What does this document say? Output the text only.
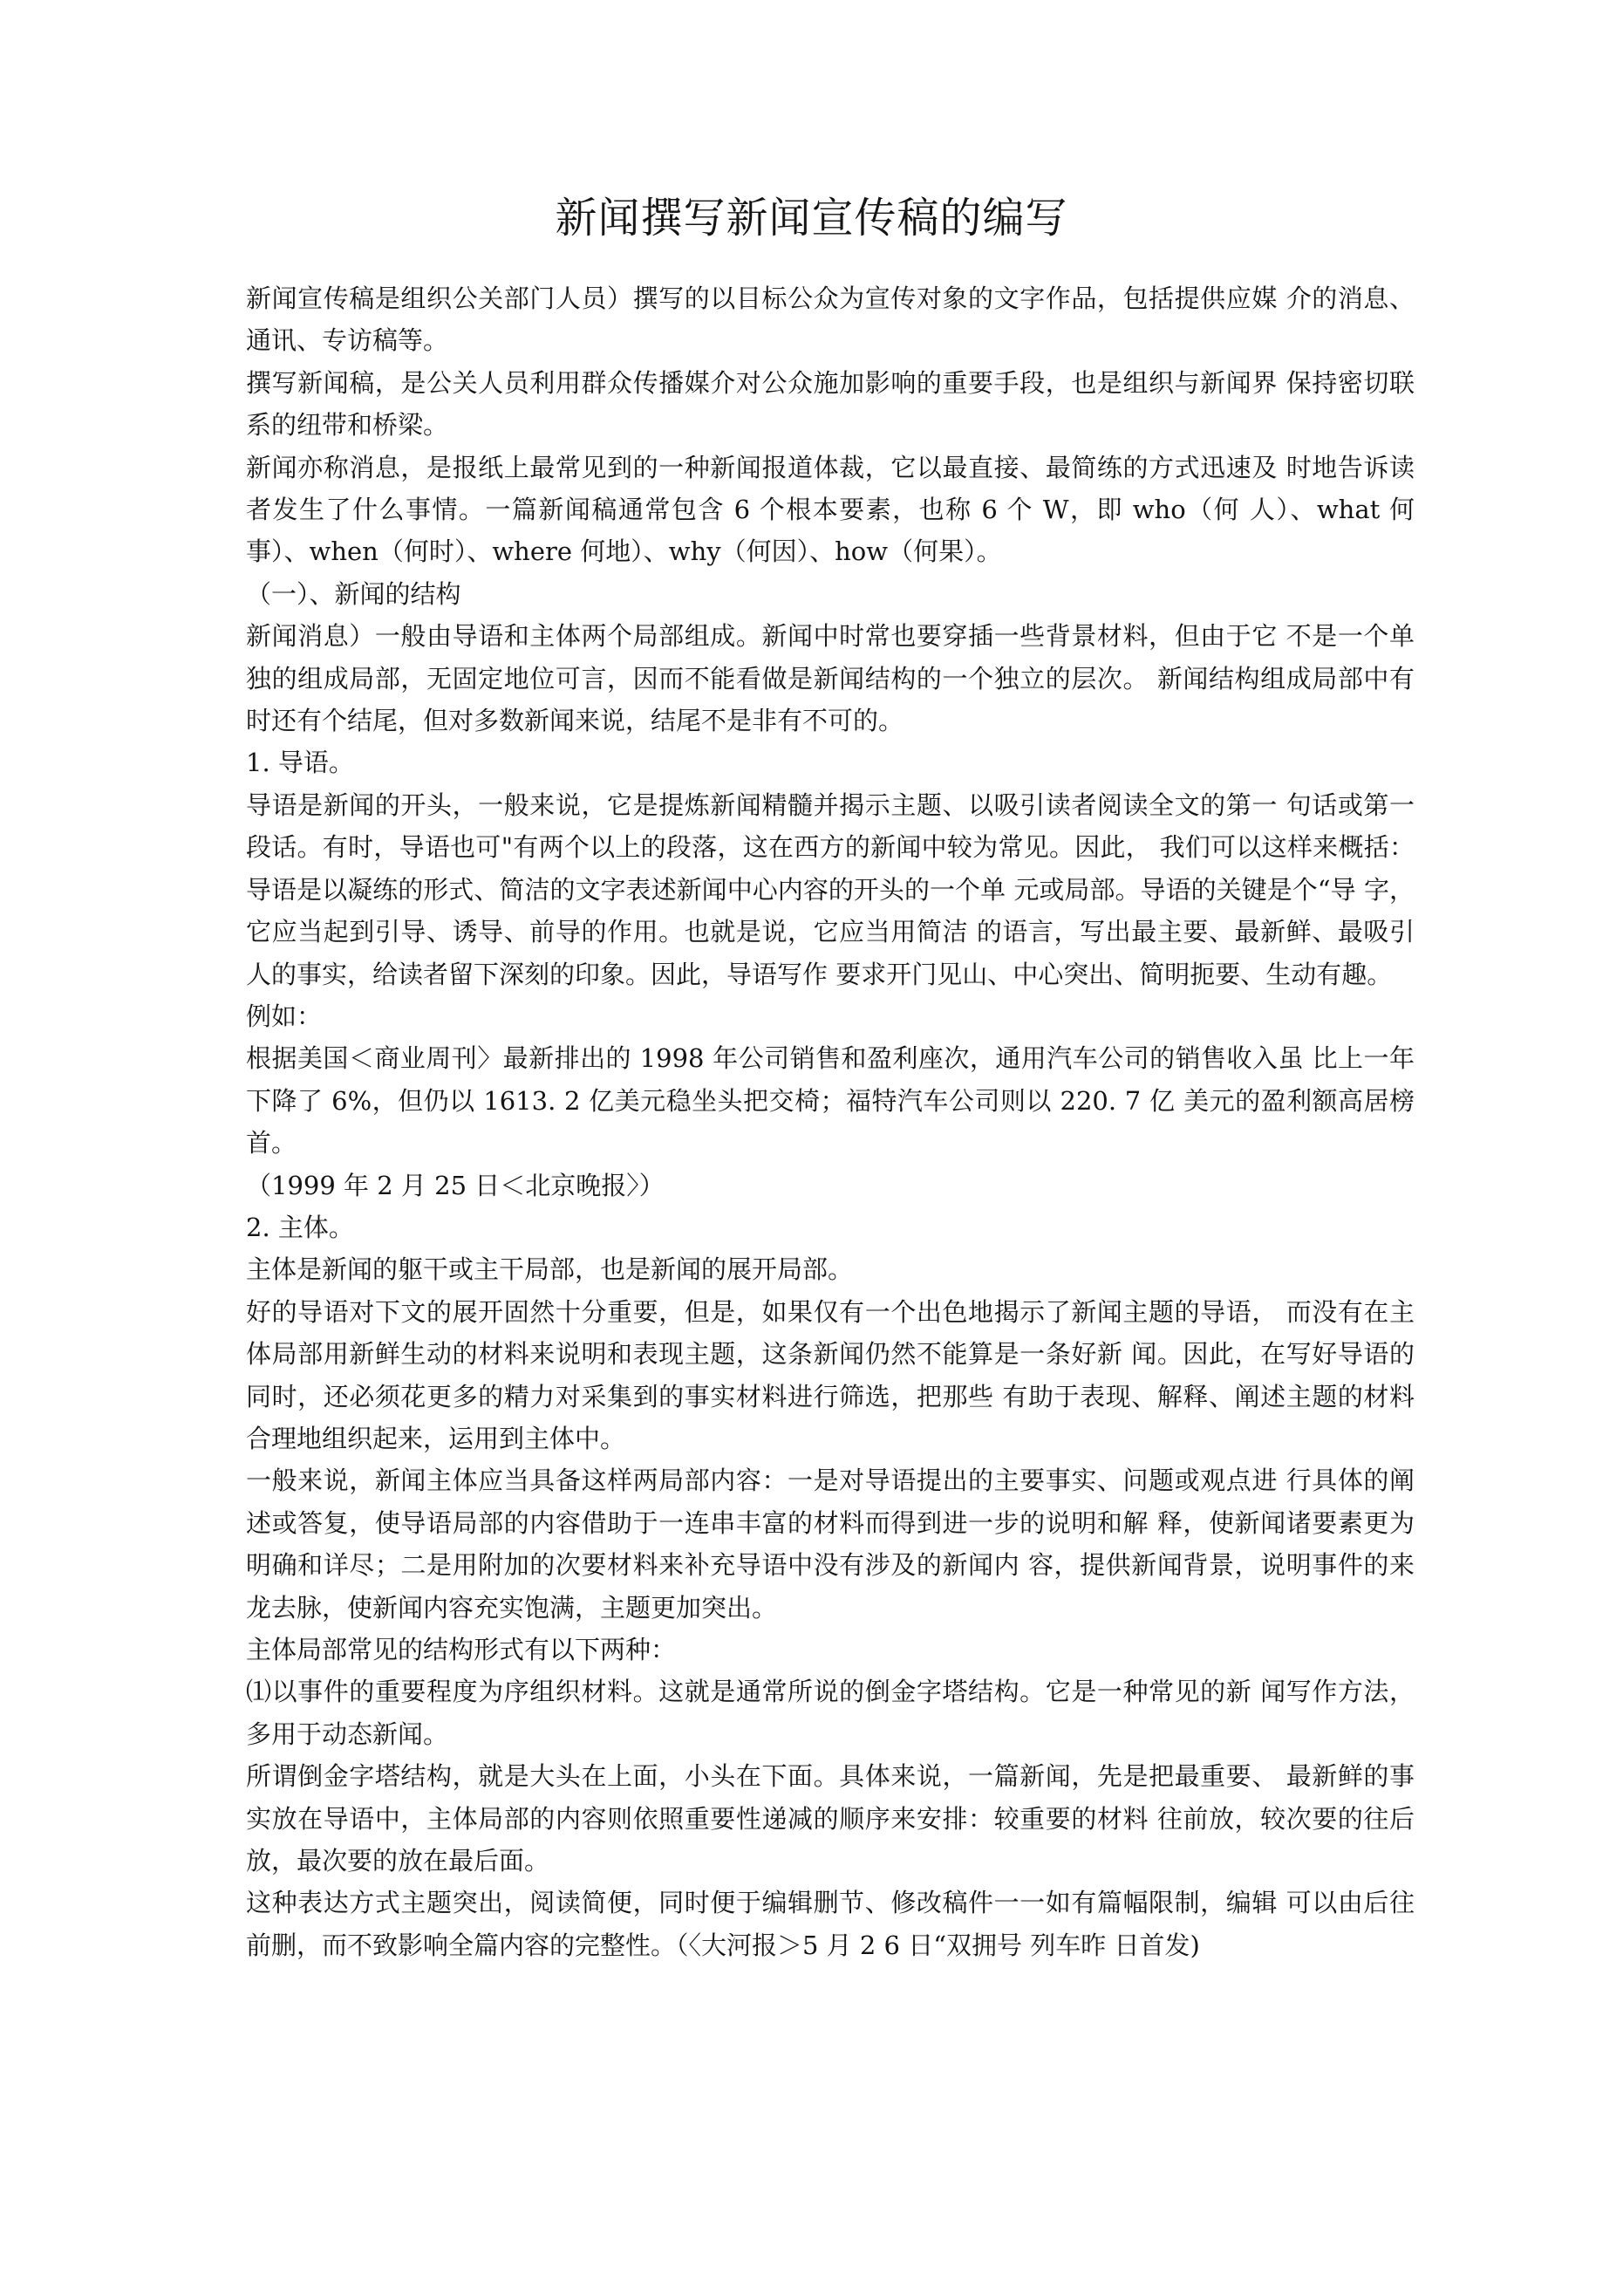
新闻撰写新闻宣传稿的编写

新闻宣传稿是组织公关部门人员）撰写的以目标公众为宣传对象的文字作品，包括提供应媒 介的消息、通讯、专访稿等。

撰写新闻稿，是公关人员利用群众传播媒介对公众施加影响的重要手段，也是组织与新闻界 保持密切联系的纽带和桥梁。

新闻亦称消息，是报纸上最常见到的一种新闻报道体裁，它以最直接、最简练的方式迅速及 时地告诉读者发生了什么事情。一篇新闻稿通常包含 6 个根本要素，也称 6 个 W，即 who（何 人）、what 何事）、when（何时）、where 何地）、why（何因）、how（何果）。

（一）、新闻的结构

新闻消息）一般由导语和主体两个局部组成。新闻中时常也要穿插一些背景材料，但由于它 不是一个单独的组成局部，无固定地位可言，因而不能看做是新闻结构的一个独立的层次。 新闻结构组成局部中有时还有个结尾，但对多数新闻来说，结尾不是非有不可的。

1. 导语。

导语是新闻的开头，一般来说，它是提炼新闻精髓并揭示主题、以吸引读者阅读全文的第一 句话或第一段话。有时，导语也可"有两个以上的段落，这在西方的新闻中较为常见。因此， 我们可以这样来概括：导语是以凝练的形式、简洁的文字表述新闻中心内容的开头的一个单 元或局部。导语的关键是个“导 字，它应当起到引导、诱导、前导的作用。也就是说，它应当用简洁 的语言，写出最主要、最新鲜、最吸引人的事实，给读者留下深刻的印象。因此，导语写作 要求开门见山、中心突出、简明扼要、生动有趣。

例如：

根据美国＜商业周刊〉最新排出的 1998 年公司销售和盈利座次，通用汽车公司的销售收入虽 比上一年下降了 6%，但仍以 1613. 2 亿美元稳坐头把交椅；福特汽车公司则以 220. 7 亿 美元的盈利额高居榜首。

（1999 年 2 月 25 日＜北京晚报〉）

2. 主体。

主体是新闻的躯干或主干局部，也是新闻的展开局部。

好的导语对下文的展开固然十分重要，但是，如果仅有一个出色地揭示了新闻主题的导语， 而没有在主体局部用新鲜生动的材料来说明和表现主题，这条新闻仍然不能算是一条好新 闻。因此，在写好导语的同时，还必须花更多的精力对采集到的事实材料进行筛选，把那些 有助于表现、解释、阐述主题的材料合理地组织起来，运用到主体中。

一般来说，新闻主体应当具备这样两局部内容：一是对导语提出的主要事实、问题或观点进 行具体的阐述或答复，使导语局部的内容借助于一连串丰富的材料而得到进一步的说明和解 释，使新闻诸要素更为明确和详尽；二是用附加的次要材料来补充导语中没有涉及的新闻内 容，提供新闻背景，说明事件的来龙去脉，使新闻内容充实饱满，主题更加突出。

主体局部常见的结构形式有以下两种：

⑴以事件的重要程度为序组织材料。这就是通常所说的倒金字塔结构。它是一种常见的新 闻写作方法，多用于动态新闻。

所谓倒金字塔结构，就是大头在上面，小头在下面。具体来说，一篇新闻，先是把最重要、 最新鲜的事实放在导语中，主体局部的内容则依照重要性递减的顺序来安排：较重要的材料 往前放，较次要的往后放，最次要的放在最后面。

这种表达方式主题突出，阅读简便，同时便于编辑删节、修改稿件一一如有篇幅限制，编辑 可以由后往前删，而不致影响全篇内容的完整性。（〈大河报＞5 月 2 6 日“双拥号 列车昨 日首发)
